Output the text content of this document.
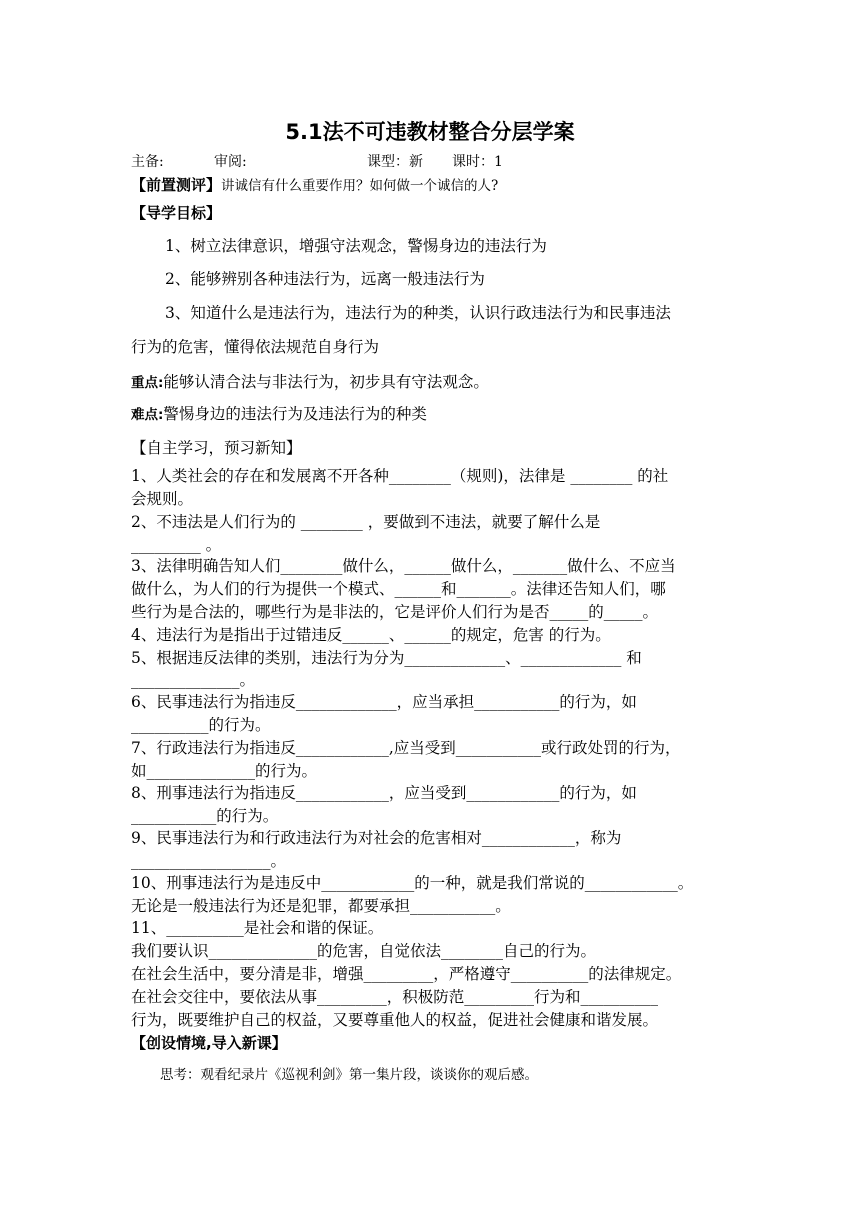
5.1法不可违教材整合分层学案
主备:	审阅:	课型：新 课时：1
【前置测评】讲诚信有什么重要作用？如何做一个诚信的人?
【导学目标】
1、树立法律意识，增强守法观念，警惕身边的违法行为
2、能够辨别各种违法行为，远离一般违法行为
3、知道什么是违法行为，违法行为的种类，认识行政违法行为和民事违法
行为的危害，懂得依法规范自身行为
重点:能够认清合法与非法行为，初步具有守法观念。
难点:警惕身边的违法行为及违法行为的种类
【自主学习，预习新知】
1、人类社会的存在和发展离不开各种________（规则)，法律是 ________ 的社
会规则。
2、不违法是人们行为的 ________ ，要做到不违法，就要了解什么是
_________ 。
3、法律明确告知人们________做什么，______做什么，_______做什么、不应当
做什么，为人们的行为提供一个模式、______和_______。法律还告知人们，哪
些行为是合法的，哪些行为是非法的，它是评价人们行为是否_____的_____。
4、违法行为是指出于过错违反______、______的规定，危害 的行为。
5、根据违反法律的类别，违法行为分为_____________、_____________ 和
______________。
6、民事违法行为指违反_____________，应当承担___________的行为，如
__________的行为。
7、行政违法行为指违反____________,应当受到___________或行政处罚的行为，
如______________的行为。
8、刑事违法行为指违反____________，应当受到____________的行为，如
___________的行为。
9、民事违法行为和行政违法行为对社会的危害相对____________，称为
__________________。
10、刑事违法行为是违反中____________的一种，就是我们常说的____________。
无论是一般违法行为还是犯罪，都要承担___________。
11、__________是社会和谐的保证。
我们要认识______________的危害，自觉依法________自己的行为。
在社会生活中，要分清是非，增强_________，严格遵守__________的法律规定。
在社会交往中，要依法从事_________，积极防范_________行为和__________
行为，既要维护自己的权益，又要尊重他人的权益，促进社会健康和谐发展。
【创设情境,导入新课】
思考：观看纪录片《巡视利剑》第一集片段，谈谈你的观后感。
